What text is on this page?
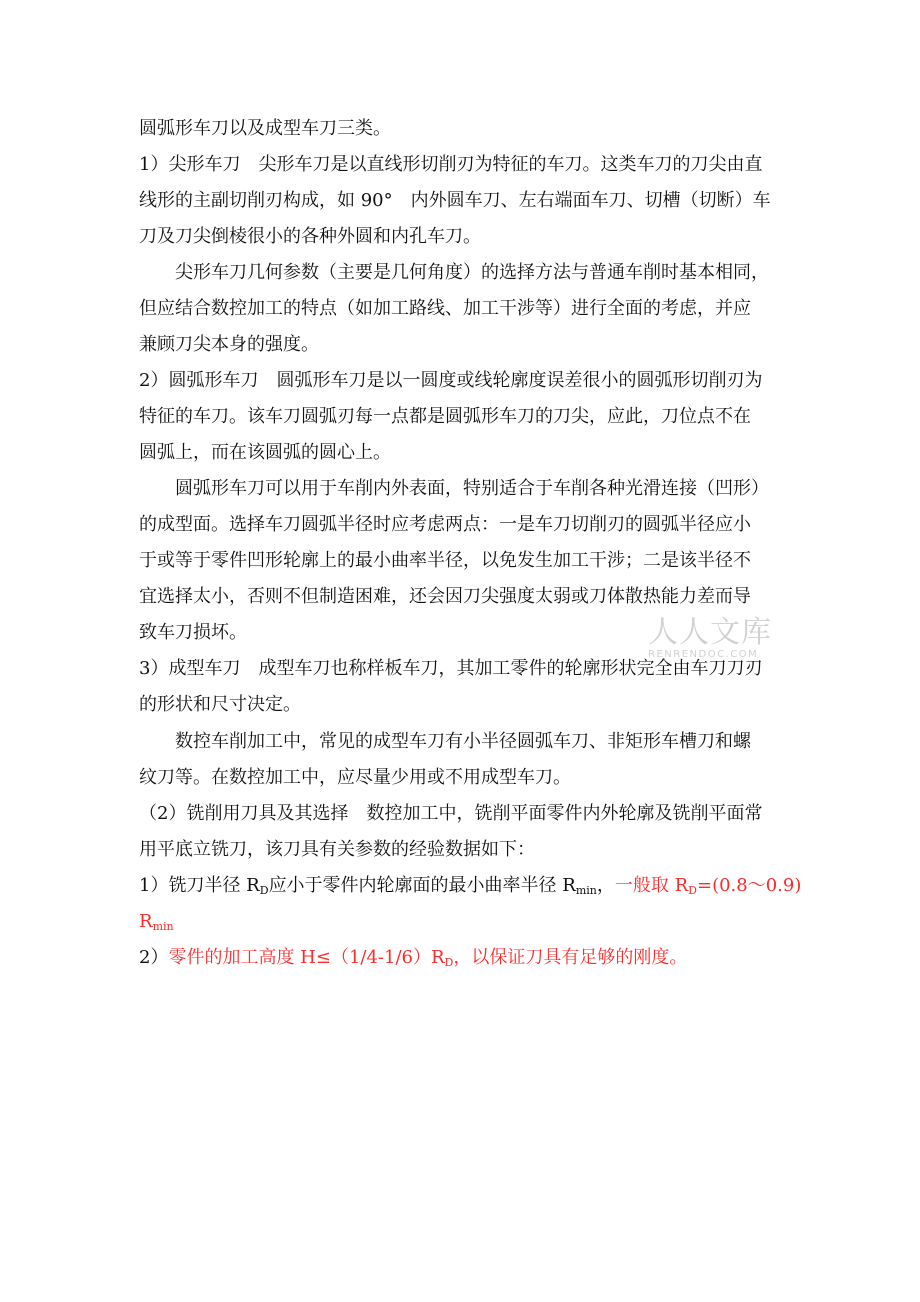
圆弧形车刀以及成型车刀三类。
1）尖形车刀　尖形车刀是以直线形切削刃为特征的车刀。这类车刀的刀尖由直
线形的主副切削刃构成，如 90°　内外圆车刀、左右端面车刀、切槽（切断）车
刀及刀尖倒棱很小的各种外圆和内孔车刀。
尖形车刀几何参数（主要是几何角度）的选择方法与普通车削时基本相同，
但应结合数控加工的特点（如加工路线、加工干涉等）进行全面的考虑，并应
兼顾刀尖本身的强度。
2）圆弧形车刀　圆弧形车刀是以一圆度或线轮廓度误差很小的圆弧形切削刃为
特征的车刀。该车刀圆弧刃每一点都是圆弧形车刀的刀尖，应此，刀位点不在
圆弧上，而在该圆弧的圆心上。
圆弧形车刀可以用于车削内外表面，特别适合于车削各种光滑连接（凹形）
的成型面。选择车刀圆弧半径时应考虑两点：一是车刀切削刃的圆弧半径应小
于或等于零件凹形轮廓上的最小曲率半径，以免发生加工干涉；二是该半径不
宜选择太小，否则不但制造困难，还会因刀尖强度太弱或刀体散热能力差而导
致车刀损坏。
3）成型车刀　成型车刀也称样板车刀，其加工零件的轮廓形状完全由车刀刀刃
的形状和尺寸决定。
数控车削加工中，常见的成型车刀有小半径圆弧车刀、非矩形车槽刀和螺
纹刀等。在数控加工中，应尽量少用或不用成型车刀。
（2）铣削用刀具及其选择　数控加工中，铣削平面零件内外轮廓及铣削平面常
用平底立铣刀，该刀具有关参数的经验数据如下：
1）铣刀半径 $R_D$应小于零件内轮廓面的最小曲率半径 $R_{min}$，一般取 $R_D=(0.8\sim 0.9)$
$R_{min}$
2）零件的加工高度 $H\le(1/4-1/6)R_D$，以保证刀具有足够的刚度。
人人文库
RENRENDOC.COM
